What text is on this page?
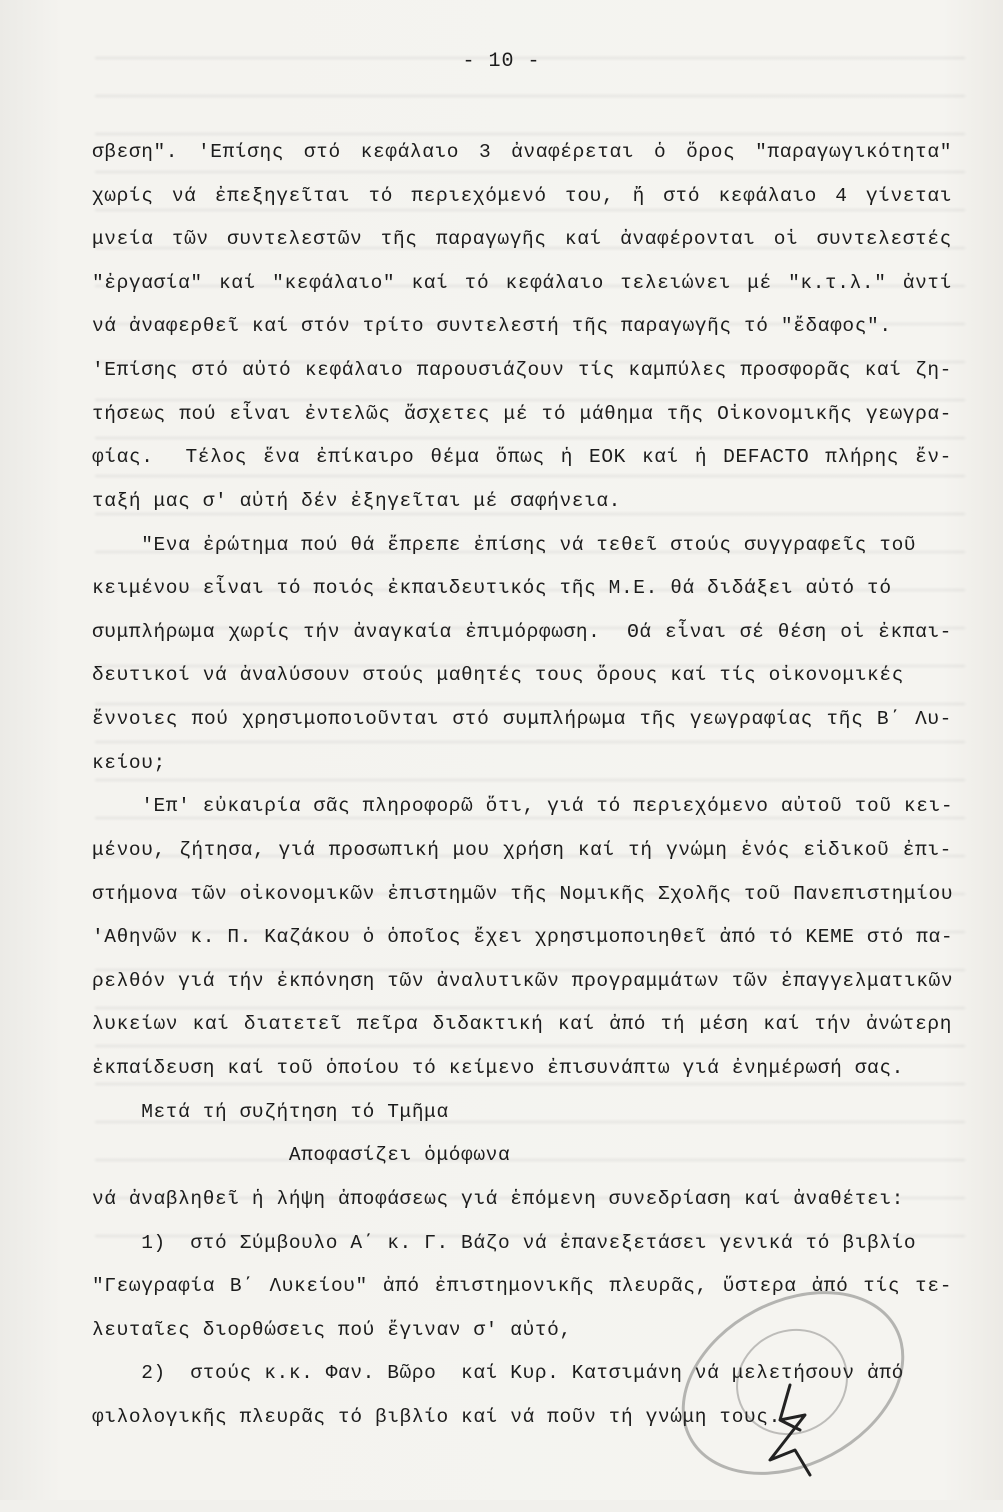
- 10 -
σβεση". 'Επίσης στό κεφάλαιο 3 ἀναφέρεται ὁ ὅρος "παραγωγικότητα"
χωρίς νά ἐπεξηγεῖται τό περιεχόμενό του, ἤ στό κεφάλαιο 4 γίνεται
μνεία τῶν συντελεστῶν τῆς παραγωγῆς καί ἀναφέρονται οἱ συντελεστές
"ἐργασία" καί "κεφάλαιο" καί τό κεφάλαιο τελειώνει μέ "κ.τ.λ." ἀντί
νά ἀναφερθεῖ καί στόν τρίτο συντελεστή τῆς παραγωγῆς τό "ἔδαφος".
'Επίσης στό αὐτό κεφάλαιο παρουσιάζουν τίς καμπύλες προσφορᾶς καί ζη-
τήσεως πού εἶναι ἐντελῶς ἄσχετες μέ τό μάθημα τῆς Οἰκονομικῆς γεωγρα-
φίας.  Τέλος ἕνα ἐπίκαιρο θέμα ὅπως ἡ ΕΟΚ καί ἡ DEFACTO πλήρης ἔν-
ταξή μας σ' αὐτή δέν ἐξηγεῖται μέ σαφήνεια.
"Ενα ἐρώτημα πού θά ἔπρεπε ἐπίσης νά τεθεῖ στούς συγγραφεῖς τοῦ
κειμένου εἶναι τό ποιός ἐκπαιδευτικός τῆς Μ.Ε. θά διδάξει αὐτό τό
συμπλήρωμα χωρίς τήν ἀναγκαία ἐπιμόρφωση.  Θά εἶναι σέ θέση οἱ ἐκπαι-
δευτικοί νά ἀναλύσουν στούς μαθητές τους ὅρους καί τίς οἰκονομικές
ἔννοιες πού χρησιμοποιοῦνται στό συμπλήρωμα τῆς γεωγραφίας τῆς Β΄ Λυ-
κείου;
'Επ' εὐκαιρία σᾶς πληροφορῶ ὅτι, γιά τό περιεχόμενο αὐτοῦ τοῦ κει-
μένου, ζήτησα, γιά προσωπική μου χρήση καί τή γνώμη ἑνός εἰδικοῦ ἐπι-
στήμονα τῶν οἰκονομικῶν ἐπιστημῶν τῆς Νομικῆς Σχολῆς τοῦ Πανεπιστημίου
'Αθηνῶν κ. Π. Καζάκου ὁ ὁποῖος ἔχει χρησιμοποιηθεῖ ἀπό τό ΚΕΜΕ στό πα-
ρελθόν γιά τήν ἐκπόνηση τῶν ἀναλυτικῶν προγραμμάτων τῶν ἐπαγγελματικῶν
λυκείων καί διατετεῖ πεῖρα διδακτική καί ἀπό τή μέση καί τήν ἀνώτερη
ἐκπαίδευση καί τοῦ ὁποίου τό κείμενο ἐπισυνάπτω γιά ἐνημέρωσή σας.
Μετά τή συζήτηση τό Τμῆμα
Αποφασίζει ὁμόφωνα
νά ἀναβληθεῖ ἡ λήψη ἀποφάσεως γιά ἑπόμενη συνεδρίαση καί ἀναθέτει:
1)  στό Σύμβουλο Α΄ κ. Γ. Βάζο νά ἐπανεξετάσει γενικά τό βιβλίο
"Γεωγραφία Β΄ Λυκείου" ἀπό ἐπιστημονικῆς πλευρᾶς, ὕστερα ἀπό τίς τε-
λευταῖες διορθώσεις πού ἔγιναν σ' αὐτό,
2)  στούς κ.κ. Φαν. Βῶρο  καί Κυρ. Κατσιμάνη νά μελετήσουν ἀπό
φιλολογικῆς πλευρᾶς τό βιβλίο καί νά ποῦν τή γνώμη τους.
